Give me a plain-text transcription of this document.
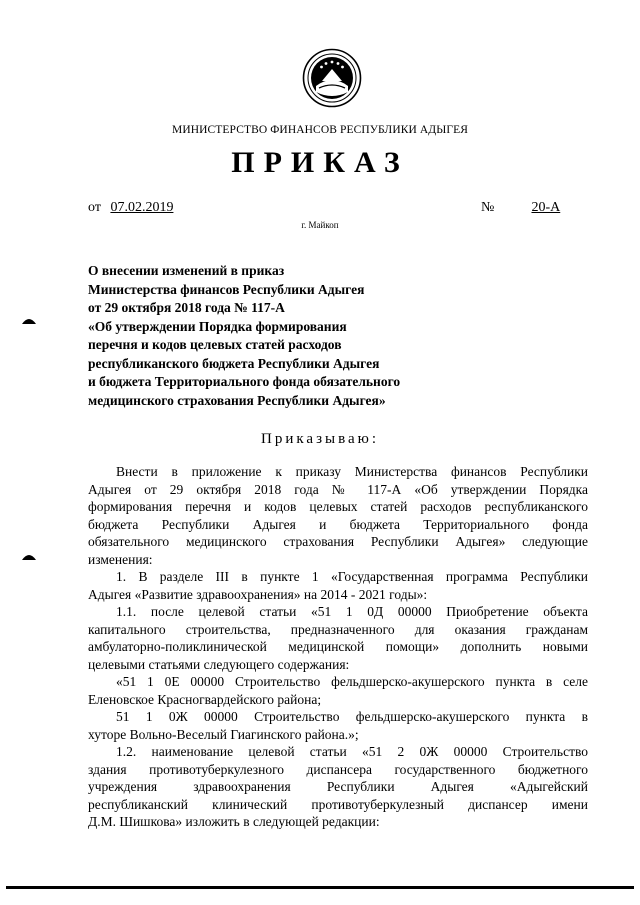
МИНИСТЕРСТВО ФИНАНСОВ РЕСПУБЛИКИ АДЫГЕЯ
ПРИКАЗ
от 07.02.2019	№	20-А
г. Майкоп
О внесении изменений в приказ
Министерства финансов Республики Адыгея
от 29 октября 2018 года № 117-А
«Об утверждении Порядка формирования
перечня и кодов целевых статей расходов
республиканского бюджета Республики Адыгея
и бюджета Территориального фонда обязательного
медицинского страхования Республики Адыгея»
Приказываю:
Внести в приложение к приказу Министерства финансов Республики
Адыгея от 29 октября 2018 года № 117-А «Об утверждении Порядка
формирования перечня и кодов целевых статей расходов республиканского
бюджета Республики Адыгея и бюджета Территориального фонда
обязательного медицинского страхования Республики Адыгея» следующие
изменения:
1. В разделе III в пункте 1 «Государственная программа Республики
Адыгея «Развитие здравоохранения» на 2014 - 2021 годы»:
1.1. после целевой статьи «51 1 0Д 00000 Приобретение объекта
капитального строительства, предназначенного для оказания гражданам
амбулаторно-поликлинической медицинской помощи» дополнить новыми
целевыми статьями следующего содержания:
«51 1 0Е 00000 Строительство фельдшерско-акушерского пункта в селе
Еленовское Красногвардейского района;
51 1 0Ж 00000 Строительство фельдшерско-акушерского пункта в
хуторе Вольно-Веселый Гиагинского района.»;
1.2. наименование целевой статьи «51 2 0Ж 00000 Строительство
здания противотуберкулезного диспансера государственного бюджетного
учреждения здравоохранения Республики Адыгея «Адыгейский
республиканский клинический противотуберкулезный диспансер имени
Д.М. Шишкова» изложить в следующей редакции:
